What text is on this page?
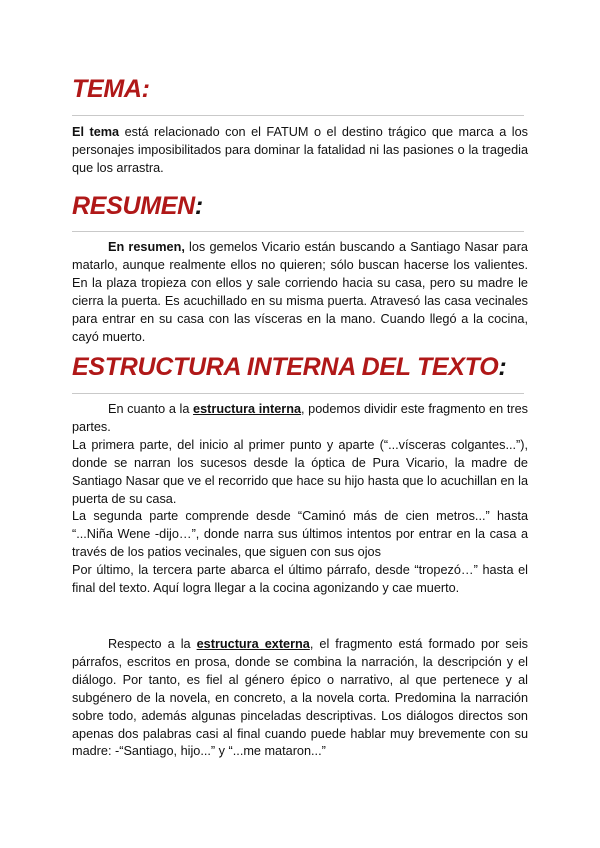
TEMA:

El tema está relacionado con el FATUM o el destino trágico que marca a los personajes imposibilitados para dominar la fatalidad ni las pasiones o la tragedia que los arrastra.

RESUMEN:

En resumen, los gemelos Vicario están buscando a Santiago Nasar para matarlo, aunque realmente ellos no quieren; sólo buscan hacerse los valientes. En la plaza tropieza con ellos y sale corriendo hacia su casa, pero su madre le cierra la puerta. Es acuchillado en su misma puerta. Atravesó las casa vecinales para entrar en su casa con las vísceras en la mano. Cuando llegó a la cocina, cayó muerto.

ESTRUCTURA INTERNA DEL TEXTO:
En cuanto a la estructura interna, podemos dividir este fragmento en tres partes.
La primera parte, del inicio al primer punto y aparte (“...vísceras colgantes...”), donde se narran los sucesos desde la óptica de Pura Vicario, la madre de Santiago Nasar que ve el recorrido que hace su hijo hasta que lo acuchillan en la puerta de su casa.
La segunda parte comprende desde “Caminó más de cien metros...” hasta “...Niña Wene -dijo…”, donde narra sus últimos intentos por entrar en la casa a través de los patios vecinales, que siguen con sus ojos
Por último, la tercera parte abarca el último párrafo, desde “tropezó…” hasta el final del texto. Aquí logra llegar a la cocina agonizando y cae muerto.

Respecto a la estructura externa, el fragmento está formado por seis párrafos, escritos en prosa, donde se combina la narración, la descripción y el diálogo. Por tanto, es fiel al género épico o narrativo, al que pertenece y al subgénero de la novela, en concreto, a la novela corta. Predomina la narración sobre todo, además algunas pinceladas descriptivas. Los diálogos directos son apenas dos palabras casi al final cuando puede hablar muy brevemente con su madre: -“Santiago, hijo...” y “...me mataron...”
